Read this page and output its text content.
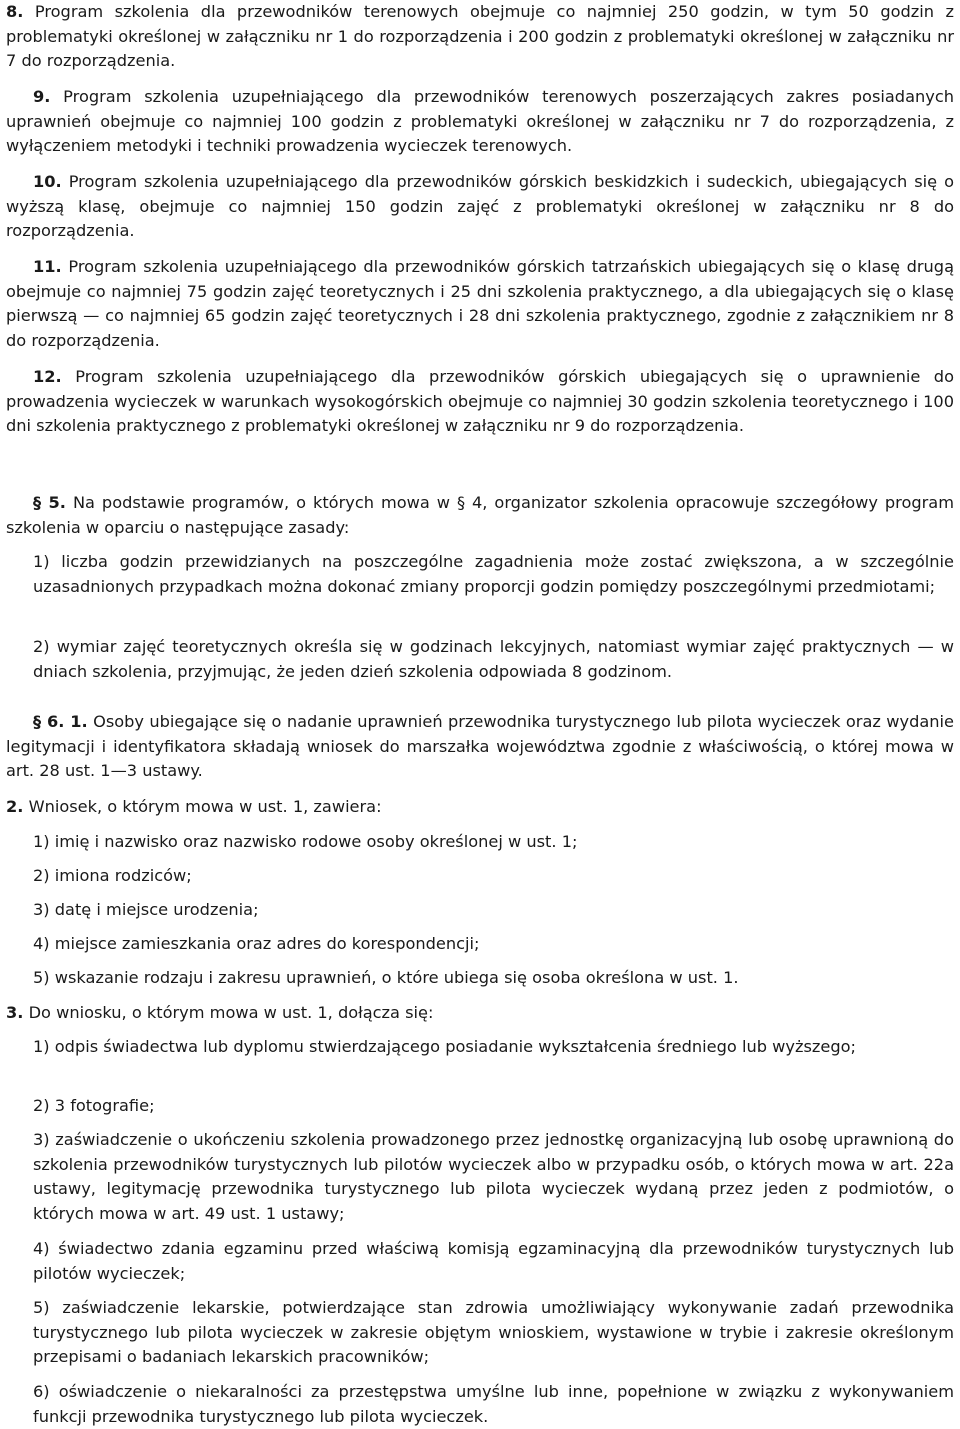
8. Program szkolenia dla przewodników terenowych obejmuje co najmniej 250 godzin, w tym 50 godzin z problematyki określonej w załączniku nr 1 do rozporządzenia i 200 godzin z problematyki określonej w załączniku nr 7 do rozporządzenia.

9. Program szkolenia uzupełniającego dla przewodników terenowych poszerzających zakres posiadanych uprawnień obejmuje co najmniej 100 godzin z problematyki określonej w załączniku nr 7 do rozporządzenia, z wyłączeniem metodyki i techniki prowadzenia wycieczek terenowych.

10. Program szkolenia uzupełniającego dla przewodników górskich beskidzkich i sudeckich, ubiegających się o wyższą klasę, obejmuje co najmniej 150 godzin zajęć z problematyki określonej w załączniku nr 8 do rozporządzenia.

11. Program szkolenia uzupełniającego dla przewodników górskich tatrzańskich ubiegających się o klasę drugą obejmuje co najmniej 75 godzin zajęć teoretycznych i 25 dni szkolenia praktycznego, a dla ubiegających się o klasę pierwszą — co najmniej 65 godzin zajęć teoretycznych i 28 dni szkolenia praktycznego, zgodnie z załącznikiem nr 8 do rozporządzenia.

12. Program szkolenia uzupełniającego dla przewodników górskich ubiegających się o uprawnienie do prowadzenia wycieczek w warunkach wysokogórskich obejmuje co najmniej 30 godzin szkolenia teoretycznego i 100 dni szkolenia praktycznego z problematyki określonej w załączniku nr 9 do rozporządzenia.

§ 5. Na podstawie programów, o których mowa w § 4, organizator szkolenia opracowuje szczegółowy program szkolenia w oparciu o następujące zasady:

1) liczba godzin przewidzianych na poszczególne zagadnienia może zostać zwiększona, a w szczególnie uzasadnionych przypadkach można dokonać zmiany proporcji godzin pomiędzy poszczególnymi przedmiotami;

2) wymiar zajęć teoretycznych określa się w godzinach lekcyjnych, natomiast wymiar zajęć praktycznych — w dniach szkolenia, przyjmując, że jeden dzień szkolenia odpowiada 8 godzinom.

§ 6. 1. Osoby ubiegające się o nadanie uprawnień przewodnika turystycznego lub pilota wycieczek oraz wydanie legitymacji i identyfikatora składają wniosek do marszałka województwa zgodnie z właściwością, o której mowa w art. 28 ust. 1—3 ustawy.

2. Wniosek, o którym mowa w ust. 1, zawiera:

1) imię i nazwisko oraz nazwisko rodowe osoby określonej w ust. 1;

2) imiona rodziców;

3) datę i miejsce urodzenia;

4) miejsce zamieszkania oraz adres do korespondencji;

5) wskazanie rodzaju i zakresu uprawnień, o które ubiega się osoba określona w ust. 1.

3. Do wniosku, o którym mowa w ust. 1, dołącza się:

1) odpis świadectwa lub dyplomu stwierdzającego posiadanie wykształcenia średniego lub wyższego;

2) 3 fotografie;

3) zaświadczenie o ukończeniu szkolenia prowadzonego przez jednostkę organizacyjną lub osobę uprawnioną do szkolenia przewodników turystycznych lub pilotów wycieczek albo w przypadku osób, o których mowa w art. 22a ustawy, legitymację przewodnika turystycznego lub pilota wycieczek wydaną przez jeden z podmiotów, o których mowa w art. 49 ust. 1 ustawy;

4) świadectwo zdania egzaminu przed właściwą komisją egzaminacyjną dla przewodników turystycznych lub pilotów wycieczek;

5) zaświadczenie lekarskie, potwierdzające stan zdrowia umożliwiający wykonywanie zadań przewodnika turystycznego lub pilota wycieczek w zakresie objętym wnioskiem, wystawione w trybie i zakresie określonym przepisami o badaniach lekarskich pracowników;

6) oświadczenie o niekaralności za przestępstwa umyślne lub inne, popełnione w związku z wykonywaniem funkcji przewodnika turystycznego lub pilota wycieczek.
